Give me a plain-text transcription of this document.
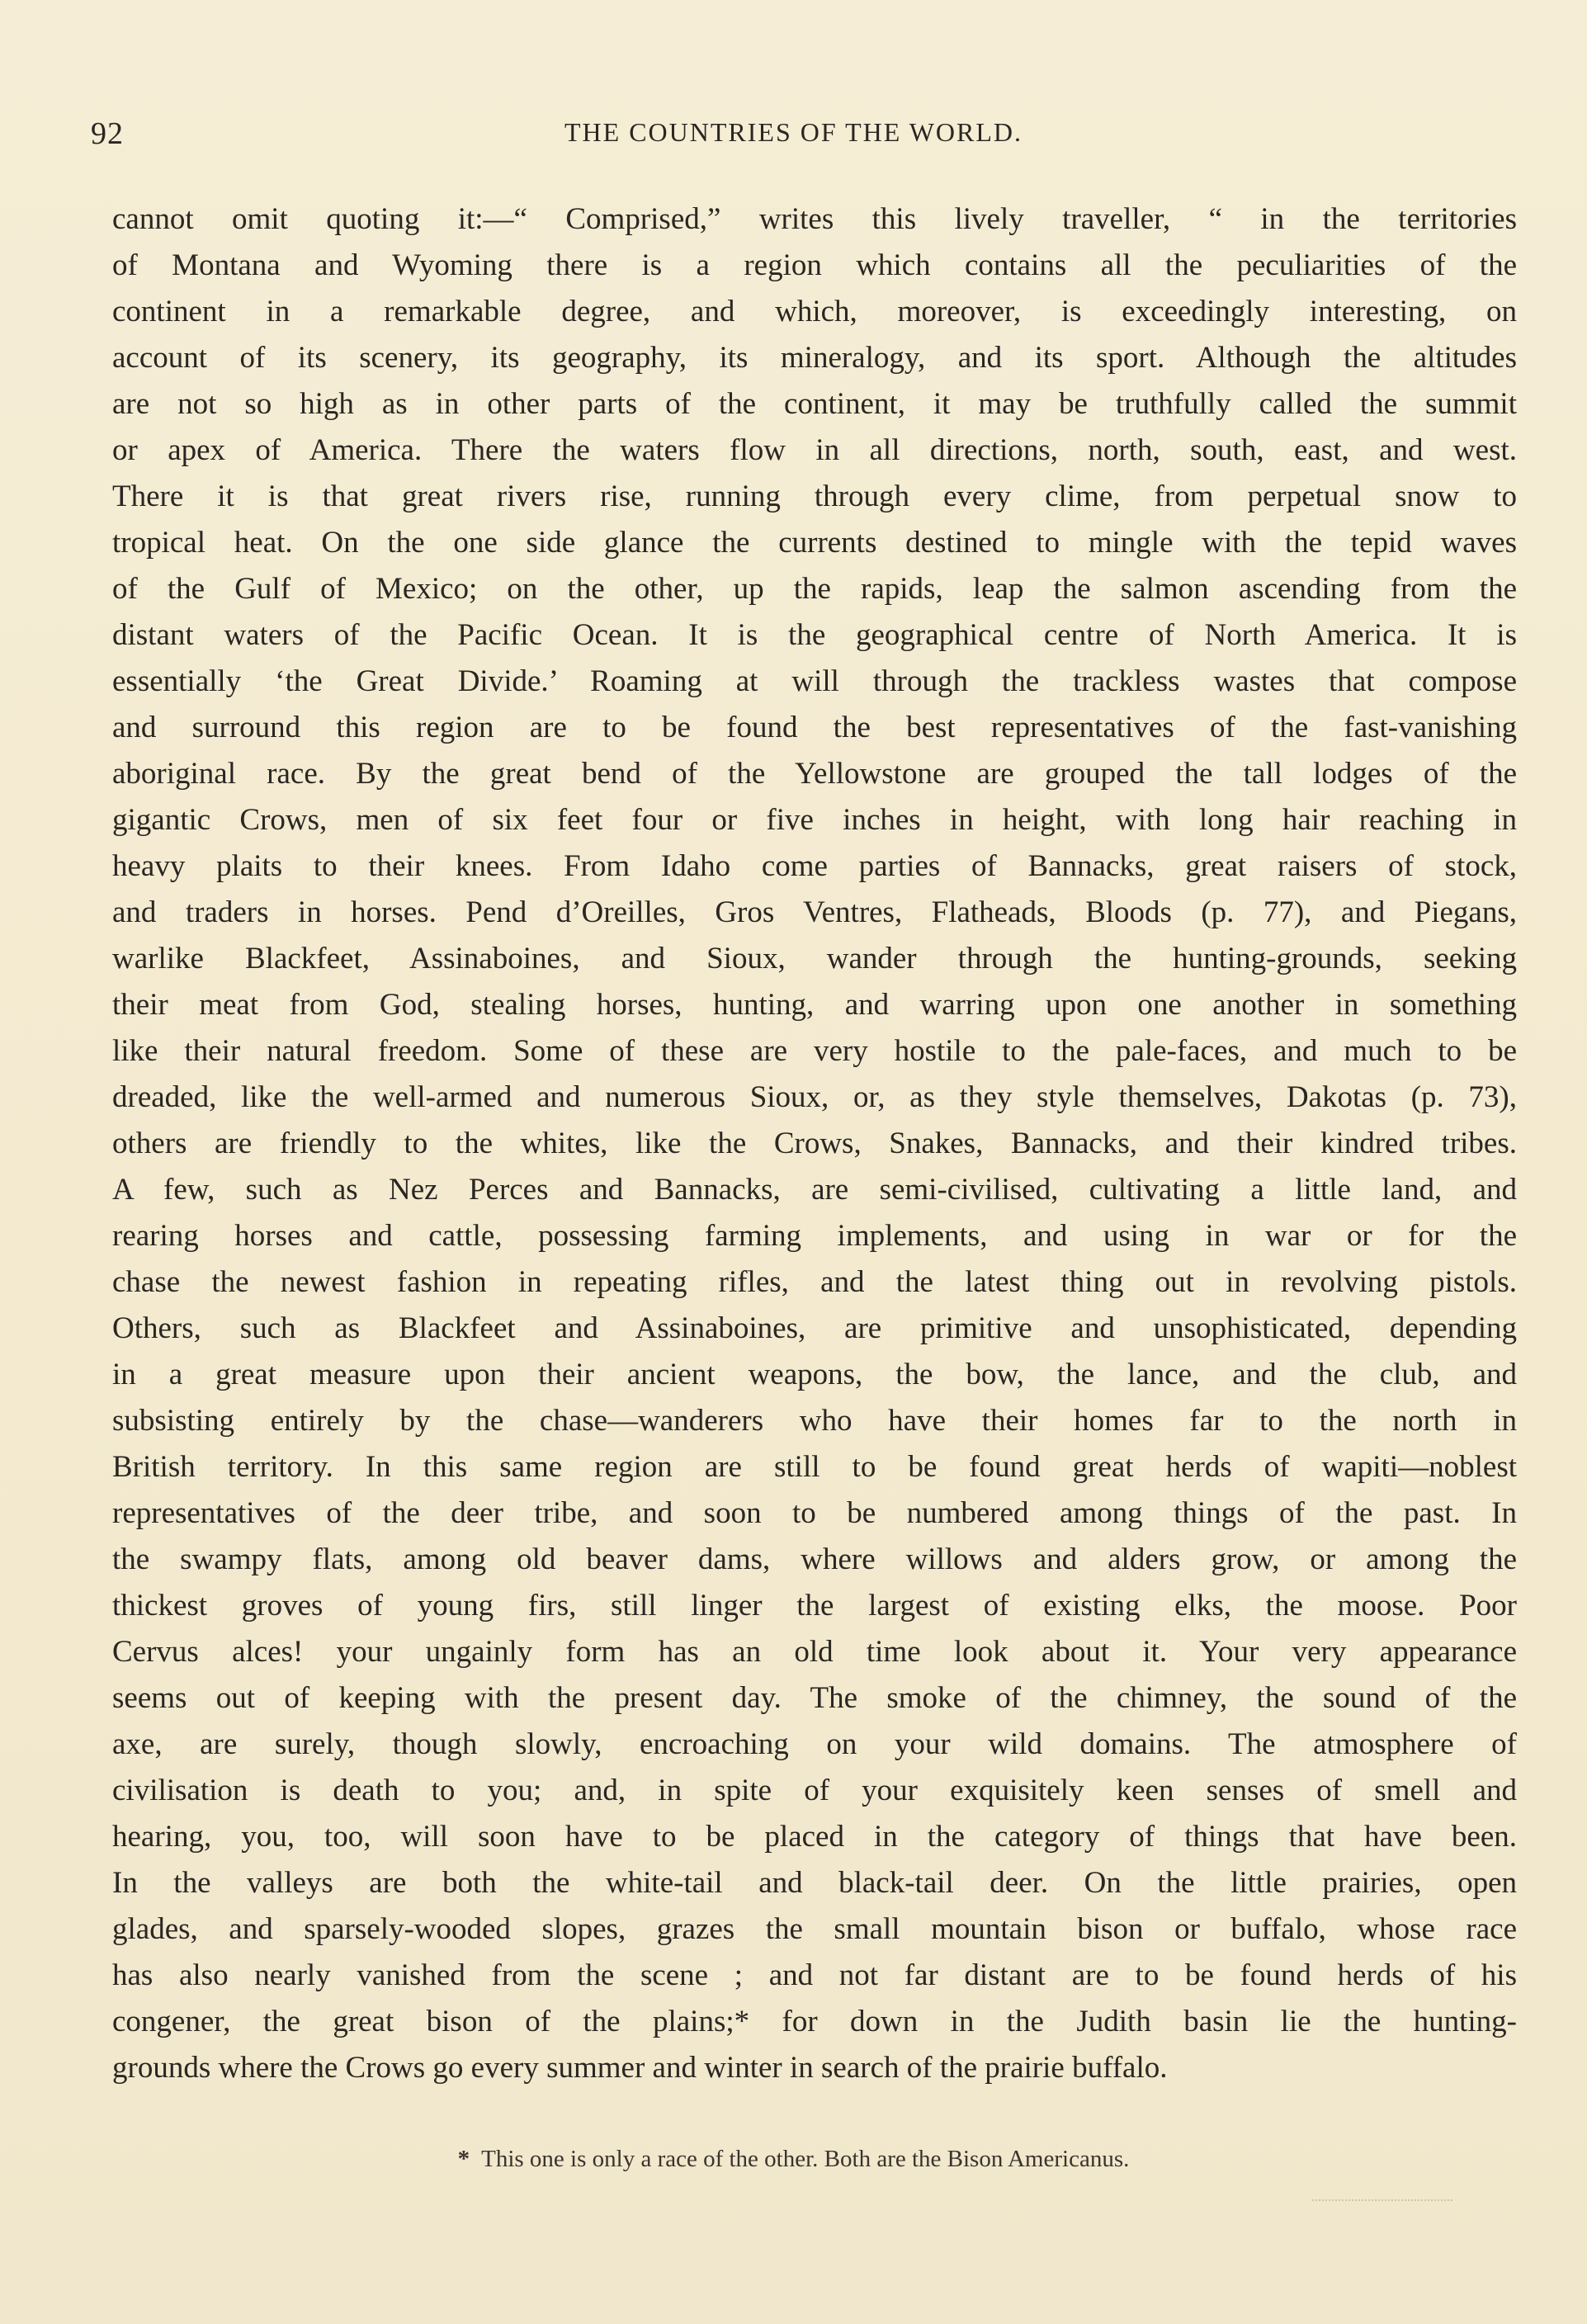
92	THE COUNTRIES OF THE WORLD.
cannot omit quoting it:—“ Comprised,” writes this lively traveller, “ in the territories
of Montana and Wyoming there is a region which contains all the peculiarities of the
continent in a remarkable degree, and which, moreover, is exceedingly interesting, on
account of its scenery, its geography, its mineralogy, and its sport. Although the altitudes
are not so high as in other parts of the continent, it may be truthfully called the summit
or apex of America. There the waters flow in all directions, north, south, east, and west.
There it is that great rivers rise, running through every clime, from perpetual snow to
tropical heat. On the one side glance the currents destined to mingle with the tepid waves
of the Gulf of Mexico; on the other, up the rapids, leap the salmon ascending from the
distant waters of the Pacific Ocean. It is the geographical centre of North America. It is
essentially ‘the Great Divide.’ Roaming at will through the trackless wastes that compose
and surround this region are to be found the best representatives of the fast-vanishing
aboriginal race. By the great bend of the Yellowstone are grouped the tall lodges of the
gigantic Crows, men of six feet four or five inches in height, with long hair reaching in
heavy plaits to their knees. From Idaho come parties of Bannacks, great raisers of stock,
and traders in horses. Pend d’Oreilles, Gros Ventres, Flatheads, Bloods (p. 77), and Piegans,
warlike Blackfeet, Assinaboines, and Sioux, wander through the hunting-grounds, seeking
their meat from God, stealing horses, hunting, and warring upon one another in something
like their natural freedom. Some of these are very hostile to the pale-faces, and much to be
dreaded, like the well-armed and numerous Sioux, or, as they style themselves, Dakotas (p. 73),
others are friendly to the whites, like the Crows, Snakes, Bannacks, and their kindred tribes.
A few, such as Nez Perces and Bannacks, are semi-civilised, cultivating a little land, and
rearing horses and cattle, possessing farming implements, and using in war or for the
chase the newest fashion in repeating rifles, and the latest thing out in revolving pistols.
Others, such as Blackfeet and Assinaboines, are primitive and unsophisticated, depending
in a great measure upon their ancient weapons, the bow, the lance, and the club, and
subsisting entirely by the chase—wanderers who have their homes far to the north in
British territory. In this same region are still to be found great herds of wapiti—noblest
representatives of the deer tribe, and soon to be numbered among things of the past. In
the swampy flats, among old beaver dams, where willows and alders grow, or among the
thickest groves of young firs, still linger the largest of existing elks, the moose. Poor
Cervus alces! your ungainly form has an old time look about it. Your very appearance
seems out of keeping with the present day. The smoke of the chimney, the sound of the
axe, are surely, though slowly, encroaching on your wild domains. The atmosphere of
civilisation is death to you; and, in spite of your exquisitely keen senses of smell and
hearing, you, too, will soon have to be placed in the category of things that have been.
In the valleys are both the white-tail and black-tail deer. On the little prairies, open
glades, and sparsely-wooded slopes, grazes the small mountain bison or buffalo, whose race
has also nearly vanished from the scene ; and not far distant are to be found herds of his
congener, the great bison of the plains;* for down in the Judith basin lie the hunting-
grounds where the Crows go every summer and winter in search of the prairie buffalo.
* This one is only a race of the other. Both are the Bison Americanus.
